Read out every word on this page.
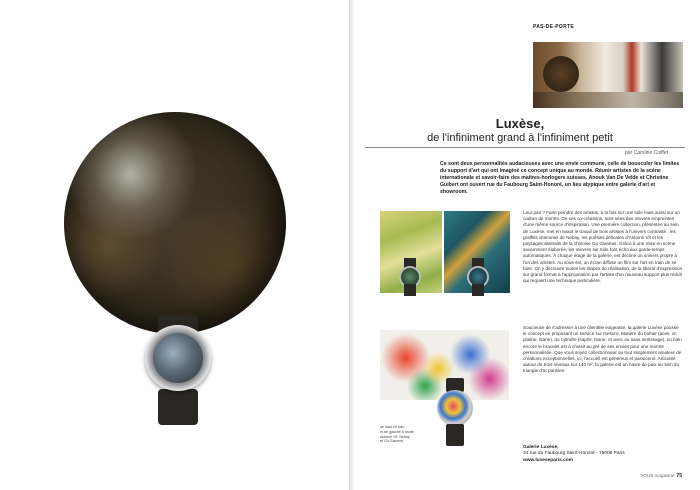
PAS-DE-PORTE
Luxèse,
de l'infiniment grand à l'infiniment petit
par Caroline Coiffet

Ce sont deux personnalités audacieuses avec une envie commune, celle de bousculer les limites du support d'art qui ont imaginé ce concept unique au monde. Réunir artistes de la scène internationale et savoir-faire des maîtres-horlogers suisses. Anouk Van De Velde et Christine Guibert ont ouvert rue du Faubourg Saint-Honoré, un lieu atypique entre galerie d'art et showroom.

Leur pari ? Faire peindre des artistes, à la fois sur une toile mais aussi sur un cadran de montre. De ces co-créations, sont nées des œuvres empreintes d'une même source d'inspiration. Une première collection, présentée au sein de Luxèse, met en avant le travail de trois artistes à l'univers contrasté : les graffitis vitaminés de Nebay, les poésies délicates d'Antoine Vit et les paysages abstraits de la chinoise Gu Gianmei. Grâce à une mise en scène savamment élaborée, les œuvres sur toile font écho aux garde-temps automatiques. À chaque étage de la galerie, est décliné un univers propre à l'un des artistes. Au sous-sol, un écran diffuse un film sur l'art en train de se faire. On y découvre toutes les étapes de réalisation, de la liberté d'expression sur grand format à l'appropriation par l'artiste d'un nouveau support plus réduit qui requiert une technique particulière.

Soucieuse de s'adresser à une clientèle exigeante, la galerie Luxèse pousse le concept en proposant un service sur mesure. Matière du boîtier (acier, or, platine, titane), du cylindre (saphir, titane, or avec ou sans sertissage), ou bien encore le bracelet est à choisir au gré de ses envies pour une montre personnalisée. Que vous soyez collectionneur ou tout simplement amateur de créations exceptionnelles, ici, l'accueil est généreux et passionné. Articulée autour de trois niveaux sur 140 m², la galerie est un havre de paix au sein du triangle d'or parisien.

de haut en bas
et de gauche à droite
Antoine Vit, Nebay
et Gu Gianmei

Galerie Luxèse,
34 rue du Faubourg Saint-Honoré - 75008 Paris
www.luxeseparis.com
VOUS magazine 75
